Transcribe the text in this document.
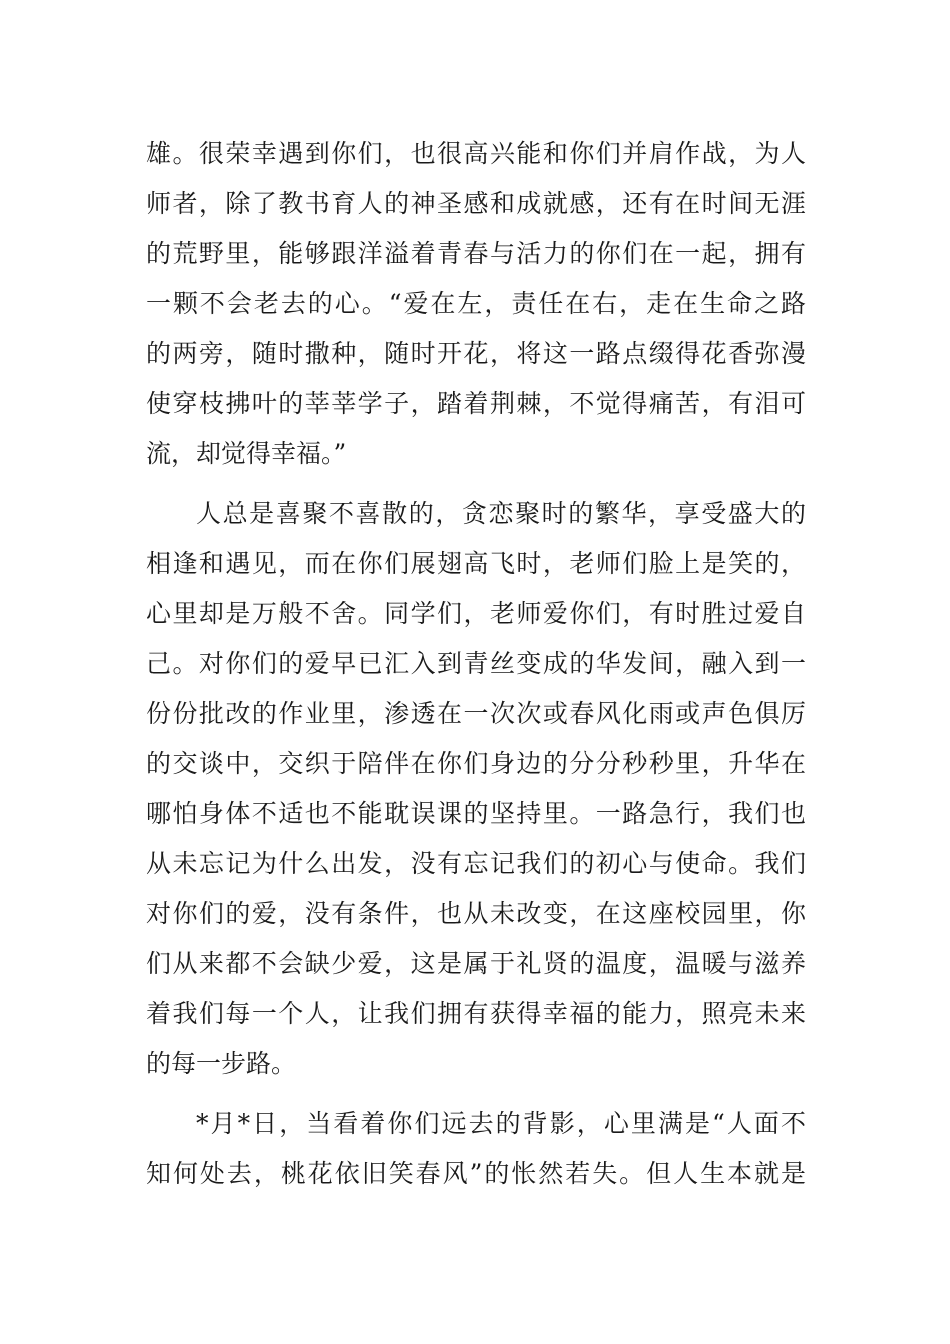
雄。很荣幸遇到你们，也很高兴能和你们并肩作战，为人
师者，除了教书育人的神圣感和成就感，还有在时间无涯
的荒野里，能够跟洋溢着青春与活力的你们在一起，拥有
一颗不会老去的心。“爱在左，责任在右，走在生命之路
的两旁，随时撒种，随时开花，将这一路点缀得花香弥漫
使穿枝拂叶的莘莘学子，踏着荆棘，不觉得痛苦，有泪可
流，却觉得幸福。”
人总是喜聚不喜散的，贪恋聚时的繁华，享受盛大的
相逢和遇见，而在你们展翅高飞时，老师们脸上是笑的，
心里却是万般不舍。同学们，老师爱你们，有时胜过爱自
己。对你们的爱早已汇入到青丝变成的华发间，融入到一
份份批改的作业里，渗透在一次次或春风化雨或声色俱厉
的交谈中，交织于陪伴在你们身边的分分秒秒里，升华在
哪怕身体不适也不能耽误课的坚持里。一路急行，我们也
从未忘记为什么出发，没有忘记我们的初心与使命。我们
对你们的爱，没有条件，也从未改变，在这座校园里，你
们从来都不会缺少爱，这是属于礼贤的温度，温暖与滋养
着我们每一个人，让我们拥有获得幸福的能力，照亮未来
的每一步路。
*月*日，当看着你们远去的背影，心里满是“人面不
知何处去，桃花依旧笑春风”的怅然若失。但人生本就是
